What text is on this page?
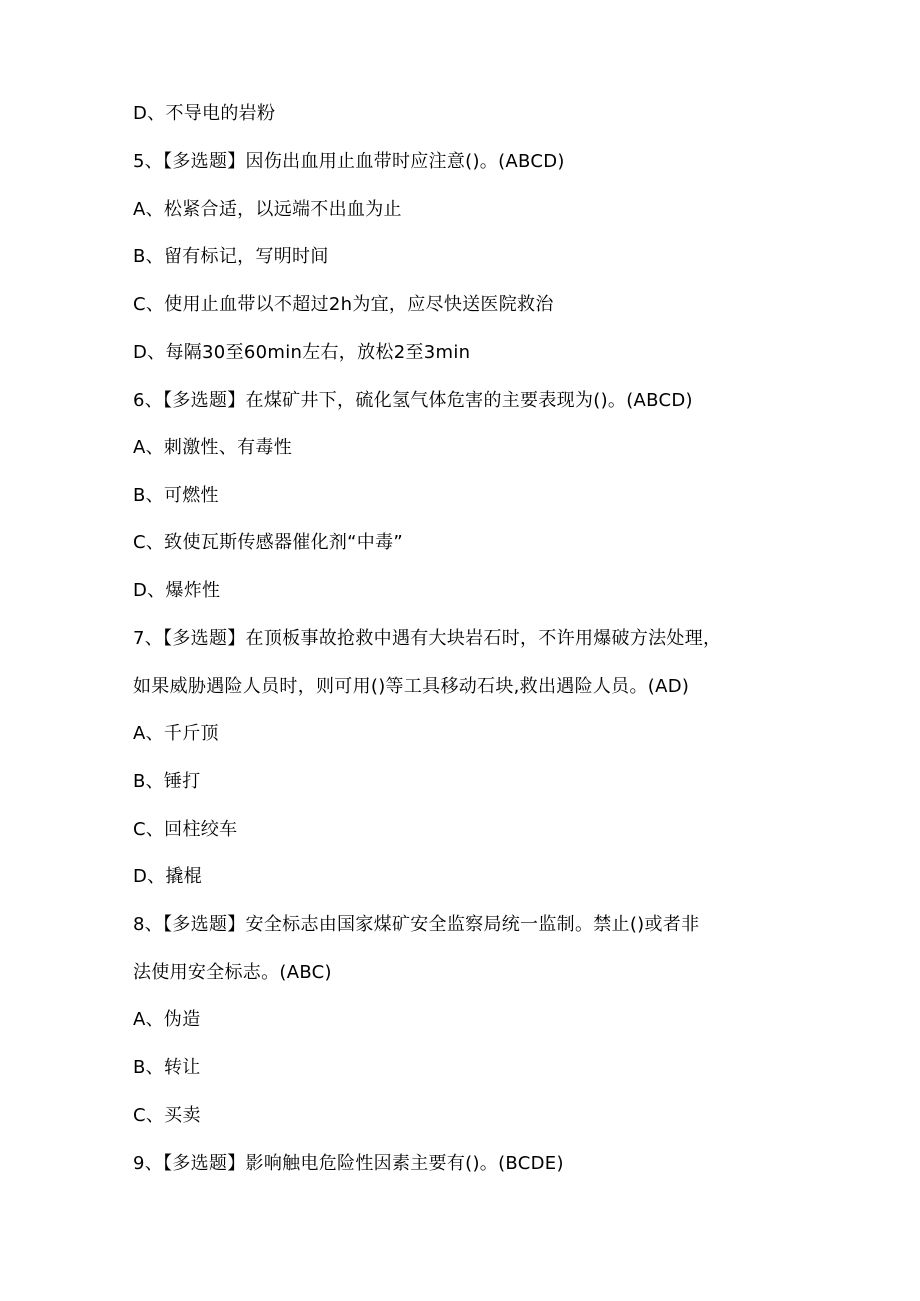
D、不导电的岩粉
5、【多选题】因伤出血用止血带时应注意()。(ABCD)
A、松紧合适，以远端不出血为止
B、留有标记，写明时间
C、使用止血带以不超过2h为宜，应尽快送医院救治
D、每隔30至60min左右，放松2至3min
6、【多选题】在煤矿井下，硫化氢气体危害的主要表现为()。(ABCD)
A、刺激性、有毒性
B、可燃性
C、致使瓦斯传感器催化剂“中毒”
D、爆炸性
7、【多选题】在顶板事故抢救中遇有大块岩石时，不许用爆破方法处理，
如果威胁遇险人员时，则可用()等工具移动石块,救出遇险人员。(AD)
A、千斤顶
B、锤打
C、回柱绞车
D、撬棍
8、【多选题】安全标志由国家煤矿安全监察局统一监制。禁止()或者非
法使用安全标志。(ABC)
A、伪造
B、转让
C、买卖
9、【多选题】影响触电危险性因素主要有()。(BCDE)
